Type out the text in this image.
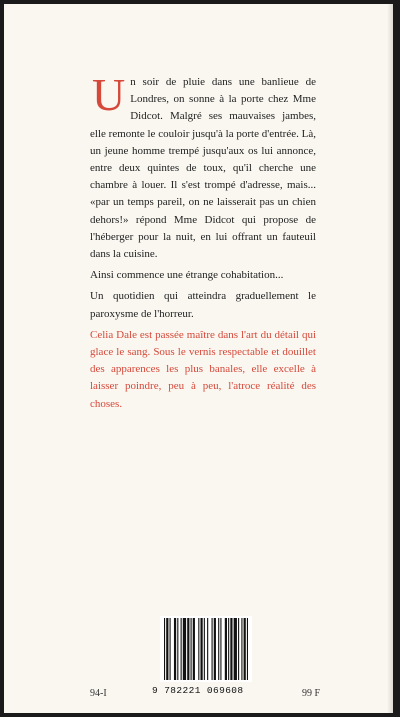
Un soir de pluie dans une banlieue de Londres, on sonne à la porte chez Mme Didcot. Malgré ses mauvaises jambes, elle remonte le couloir jusqu'à la porte d'entrée. Là, un jeune homme trempé jusqu'aux os lui annonce, entre deux quintes de toux, qu'il cherche une chambre à louer. Il s'est trompé d'adresse, mais... «par un temps pareil, on ne laisserait pas un chien dehors!» répond Mme Didcot qui propose de l'héberger pour la nuit, en lui offrant un fauteuil dans la cuisine.

Ainsi commence une étrange cohabitation...

Un quotidien qui atteindra graduellement le paroxysme de l'horreur.

Celia Dale est passée maître dans l'art du détail qui glace le sang. Sous le vernis respectable et douillet des apparences les plus banales, elle excelle à laisser poindre, peu à peu, l'atroce réalité des choses.

94-I	9 782221 069608	99 F
